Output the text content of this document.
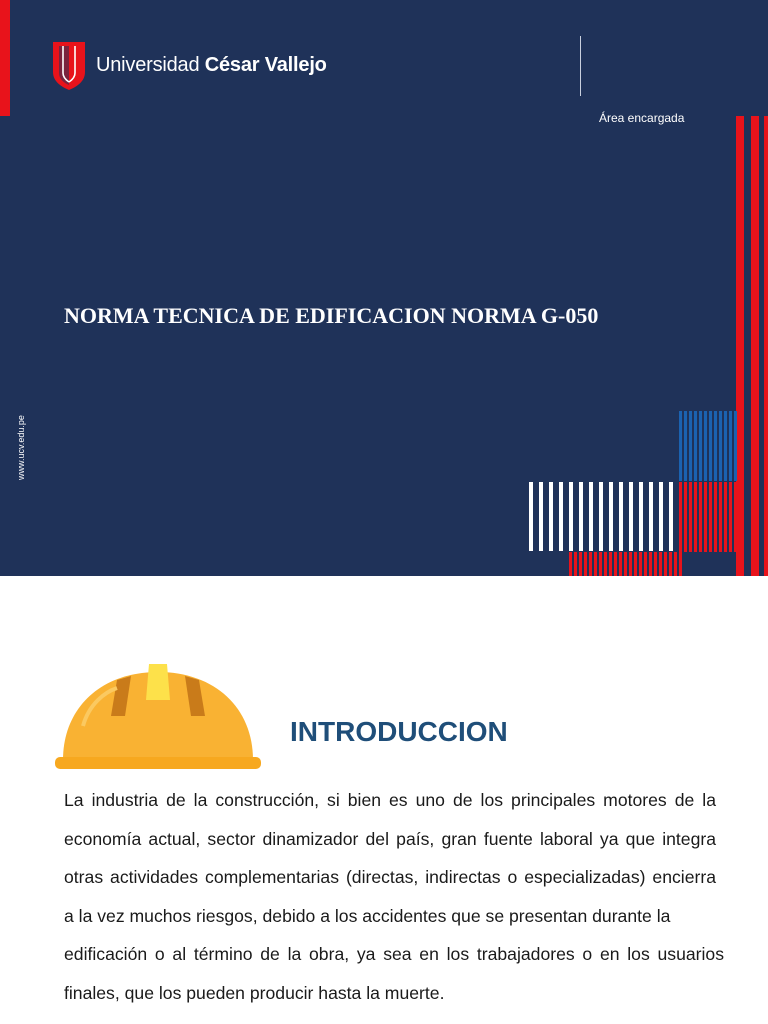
Universidad César Vallejo
Área encargada
NORMA TECNICA DE EDIFICACION NORMA G-050
www.ucv.edu.pe
INTRODUCCION

La industria de la construcción, si bien es uno de los principales motores de la economía actual, sector dinamizador del país, gran fuente laboral ya que integra otras actividades complementarias (directas, indirectas o especializadas) encierra a la vez muchos riesgos, debido a los accidentes que se presentan durante la

edificación o al término de la obra, ya sea en los trabajadores o en los usuarios finales, que los pueden producir hasta la muerte.
